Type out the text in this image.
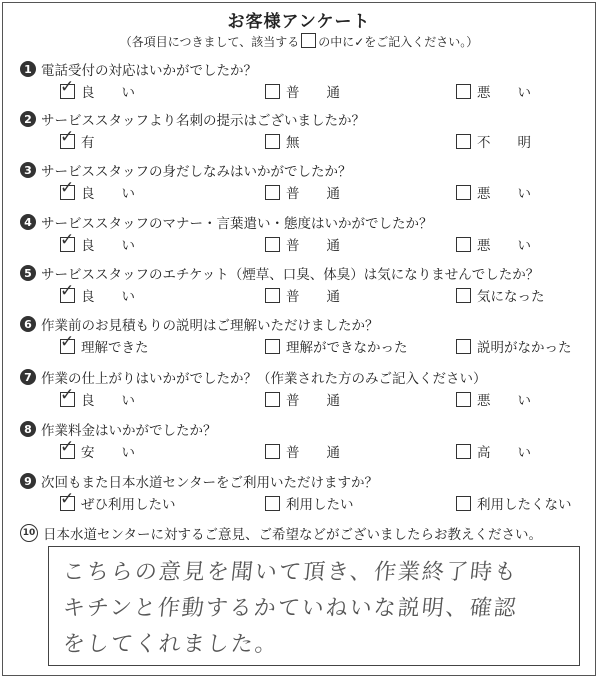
お客様アンケート
（各項目につきまして、該当する の中に✓をご記入ください。）
1 電話受付の対応はいかがでしたか？
✓ 良　　い	普　　通	悪　　い
2 サービススタッフより名刺の提示はございましたか？
✓ 有	無	不　　明
3 サービススタッフの身だしなみはいかがでしたか？
✓ 良　　い	普　　通	悪　　い
4 サービススタッフのマナー・言葉遣い・態度はいかがでしたか？
✓ 良　　い	普　　通	悪　　い
5 サービススタッフのエチケット（煙草、口臭、体臭）は気になりませんでしたか？
✓ 良　　い	普　　通	気になった
6 作業前のお見積もりの説明はご理解いただけましたか？
✓ 理解できた	理解ができなかった	説明がなかった
7 作業の仕上がりはいかがでしたか？（作業された方のみご記入ください）
✓ 良　　い	普　　通	悪　　い
8 作業料金はいかがでしたか？
✓ 安　　い	普　　通	高　　い
9 次回もまた日本水道センターをご利用いただけますか？
✓ ぜひ利用したい	利用したい	利用したくない
10 日本水道センターに対するご意見、ご希望などがございましたらお教えください。
こちらの意見を聞いて頂き、作業終了時も
キチンと作動するかていねいな説明、確認
をしてくれました。
